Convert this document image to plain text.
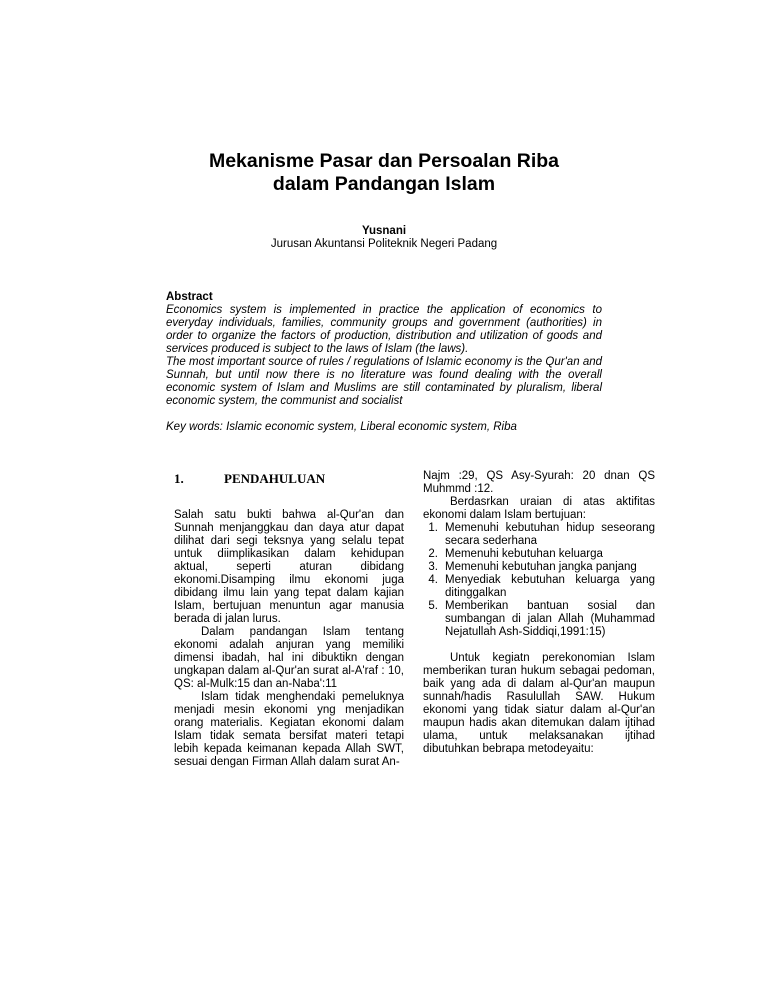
Mekanisme Pasar dan Persoalan Riba
dalam Pandangan Islam
Yusnani
Jurusan Akuntansi Politeknik Negeri Padang
Abstract

Economics system is implemented in practice the application of economics to everyday individuals, families, community groups and government (authorities) in order to organize the factors of production, distribution and utilization of goods and services produced is subject to the laws of Islam (the laws).

The most important source of rules / regulations of Islamic economy is the Qur'an and Sunnah, but until now there is no literature was found dealing with the overall economic system of Islam and Muslims are still contaminated by pluralism, liberal economic system, the communist and socialist

Key words: Islamic economic system, Liberal economic system, Riba
1.	PENDAHULUAN

Salah satu bukti bahwa al-Qur'an dan Sunnah menjanggkau dan daya atur dapat dilihat dari segi teksnya yang selalu tepat untuk diimplikasikan dalam kehidupan aktual, seperti aturan dibidang ekonomi.Disamping ilmu ekonomi juga dibidang ilmu lain yang tepat dalam kajian Islam, bertujuan menuntun agar manusia berada di jalan lurus.

Dalam pandangan Islam tentang ekonomi adalah anjuran yang memiliki dimensi ibadah, hal ini dibuktikn dengan ungkapan dalam al-Qur'an surat al-A'raf : 10, QS: al-Mulk:15 dan an-Naba':11

Islam tidak menghendaki pemeluknya menjadi mesin ekonomi yng menjadikan orang materialis. Kegiatan ekonomi dalam Islam tidak semata bersifat materi tetapi lebih kepada keimanan kepada Allah SWT, sesuai dengan Firman Allah dalam surat An-

Najm :29, QS Asy-Syurah: 20 dnan QS Muhmmd :12.

Berdasrkan uraian di atas aktifitas ekonomi dalam Islam bertujuan:

1. Memenuhi kebutuhan hidup seseorang secara sederhana
2. Memenuhi kebutuhan keluarga
3. Memenuhi kebutuhan jangka panjang
4. Menyediak kebutuhan keluarga yang ditinggalkan
5. Memberikan bantuan sosial dan sumbangan di jalan Allah (Muhammad Nejatullah Ash-Siddiqi,1991:15)

Untuk kegiatn perekonomian Islam memberikan turan hukum sebagai pedoman, baik yang ada di dalam al-Qur'an maupun sunnah/hadis Rasulullah SAW. Hukum ekonomi yang tidak siatur dalam al-Qur'an maupun hadis akan ditemukan dalam ijtihad ulama, untuk melaksanakan ijtihad dibutuhkan bebrapa metodeyaitu:
